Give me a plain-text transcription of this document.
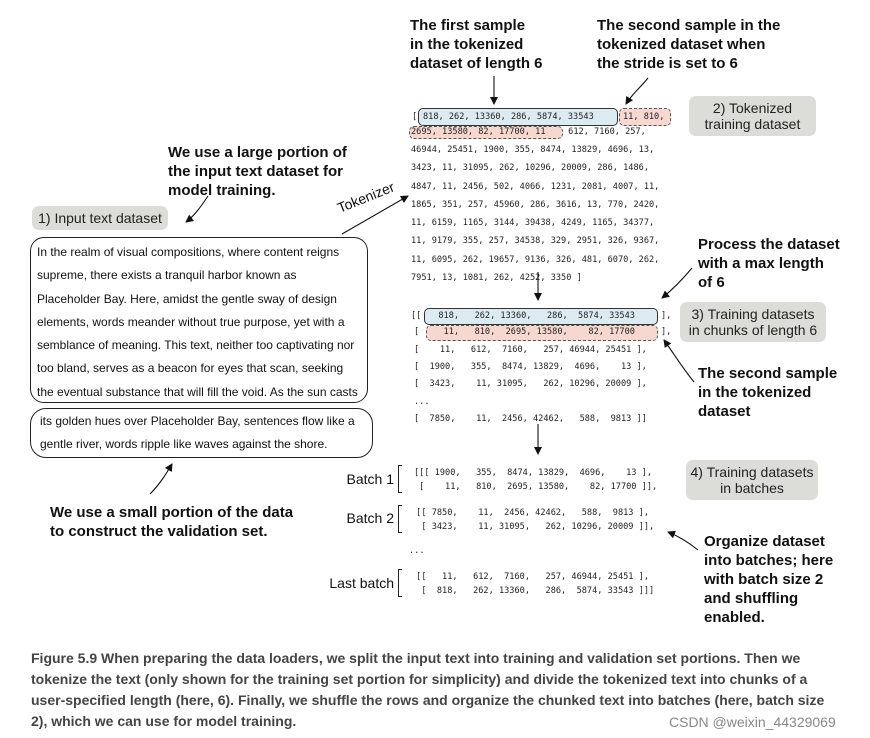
The first sample
in the tokenized
dataset of length 6
The second sample in the
tokenized dataset when
the stride is set to 6
We use a large portion of
the input text dataset for
model training.
Process the dataset
with a max length
of 6
The second sample
in the tokenized
dataset
We use a small portion of the data
to construct the validation set.
Organize dataset
into batches; here
with batch size 2
and shuffling
enabled.
1) Input text dataset
2) Tokenized
training dataset
3) Training datasets
in chunks of length 6
4) Training datasets
in batches
Tokenizer
In the realm of visual compositions, where content reigns
supreme, there exists a tranquil harbor known as
Placeholder Bay. Here, amidst the gentle sway of design
elements, words meander without true purpose, yet with a
semblance of meaning. This text, neither too captivating nor
too bland, serves as a beacon for eyes that scan, seeking
the eventual substance that will fill the void. As the sun casts
its golden hues over Placeholder Bay, sentences flow like a
gentle river, words ripple like waves against the shore.
[ 818, 262, 13360, 286, 5874, 33543	11, 810,
2695, 13580, 82, 17700, 11 612, 7160, 257,
46944, 25451, 1900, 355, 8474, 13829, 4696, 13,
3423, 11, 31095, 262, 10296, 20009, 286, 1486,
4847, 11, 2456, 502, 4066, 1231, 2081, 4007, 11,
1865, 351, 257, 45960, 286, 3616, 13, 770, 2420,
11, 6159, 1165, 3144, 39438, 4249, 1165, 34377,
11, 9179, 355, 257, 34538, 329, 2951, 326, 9367,
11, 6095, 262, 19657, 9136, 326, 481, 6070, 262,
7951, 13, 1081, 262, 4252, 3350 ]
[[ 818,   262, 13360,   286,  5874, 33543	],
[ 11,   810,  2695, 13580,    82, 17700	],
[    11,   612,  7160,   257, 46944, 25451 ],
[  1900,   355,  8474, 13829,  4696,    13 ],
[  3423,    11, 31095,   262, 10296, 20009 ],
...
[  7850,    11,  2456, 42462,   588,  9813 ]]
Batch 1 [[[ 1900,   355,  8474, 13829,  4696,    13 ],
[    11,   810,  2695, 13580,    82, 17700 ]],
Batch 2 [[ 7850,    11,  2456, 42462,   588,  9813 ],
[ 3423,    11, 31095,   262, 10296, 20009 ]],
...
Last batch [[   11,   612,  7160,   257, 46944, 25451 ],
[  818,   262, 13360,   286,  5874, 33543 ]]]
Figure 5.9 When preparing the data loaders, we split the input text into training and validation set portions. Then we tokenize the text (only shown for the training set portion for simplicity) and divide the tokenized text into chunks of a user-specified length (here, 6). Finally, we shuffle the rows and organize the chunked text into batches (here, batch size 2), which we can use for model training.	CSDN @weixin_44329069
